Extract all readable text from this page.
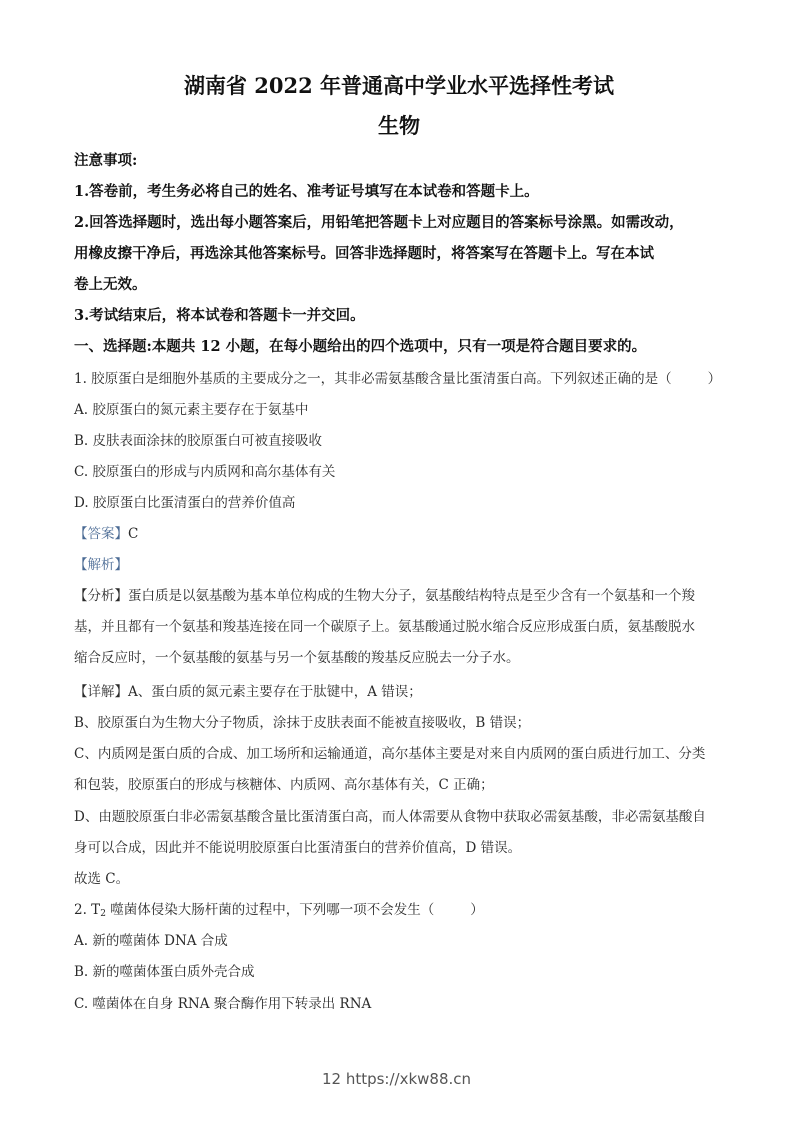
湖南省 2022 年普通高中学业水平选择性考试
生物
注意事项:
1.答卷前，考生务必将自己的姓名、准考证号填写在本试卷和答题卡上。
2.回答选择题时，选出每小题答案后，用铅笔把答题卡上对应题目的答案标号涂黑。如需改动，
用橡皮擦干净后，再选涂其他答案标号。回答非选择题时，将答案写在答题卡上。写在本试
卷上无效。
3.考试结束后，将本试卷和答题卡一并交回。
一、选择题:本题共 12 小题，在每小题给出的四个选项中，只有一项是符合题目要求的。
1. 胶原蛋白是细胞外基质的主要成分之一，其非必需氨基酸含量比蛋清蛋白高。下列叙述正确的是（	）
A. 胶原蛋白的氮元素主要存在于氨基中
B. 皮肤表面涂抹的胶原蛋白可被直接吸收
C. 胶原蛋白的形成与内质网和高尔基体有关
D. 胶原蛋白比蛋清蛋白的营养价值高
【答案】C
【解析】
【分析】蛋白质是以氨基酸为基本单位构成的生物大分子，氨基酸结构特点是至少含有一个氨基和一个羧
基，并且都有一个氨基和羧基连接在同一个碳原子上。氨基酸通过脱水缩合反应形成蛋白质，氨基酸脱水
缩合反应时，一个氨基酸的氨基与另一个氨基酸的羧基反应脱去一分子水。
【详解】A、蛋白质的氮元素主要存在于肽键中，A 错误；
B、胶原蛋白为生物大分子物质，涂抹于皮肤表面不能被直接吸收，B 错误；
C、内质网是蛋白质的合成、加工场所和运输通道，高尔基体主要是对来自内质网的蛋白质进行加工、分类
和包装，胶原蛋白的形成与核糖体、内质网、高尔基体有关，C 正确；
D、由题胶原蛋白非必需氨基酸含量比蛋清蛋白高，而人体需要从食物中获取必需氨基酸，非必需氨基酸自
身可以合成，因此并不能说明胶原蛋白比蛋清蛋白的营养价值高，D 错误。
故选 C。
2. $T_2$ 噬菌体侵染大肠杆菌的过程中，下列哪一项不会发生（	）
A. 新的噬菌体 DNA 合成
B. 新的噬菌体蛋白质外壳合成
C. 噬菌体在自身 RNA 聚合酶作用下转录出 RNA
12 https://xkw88.cn
